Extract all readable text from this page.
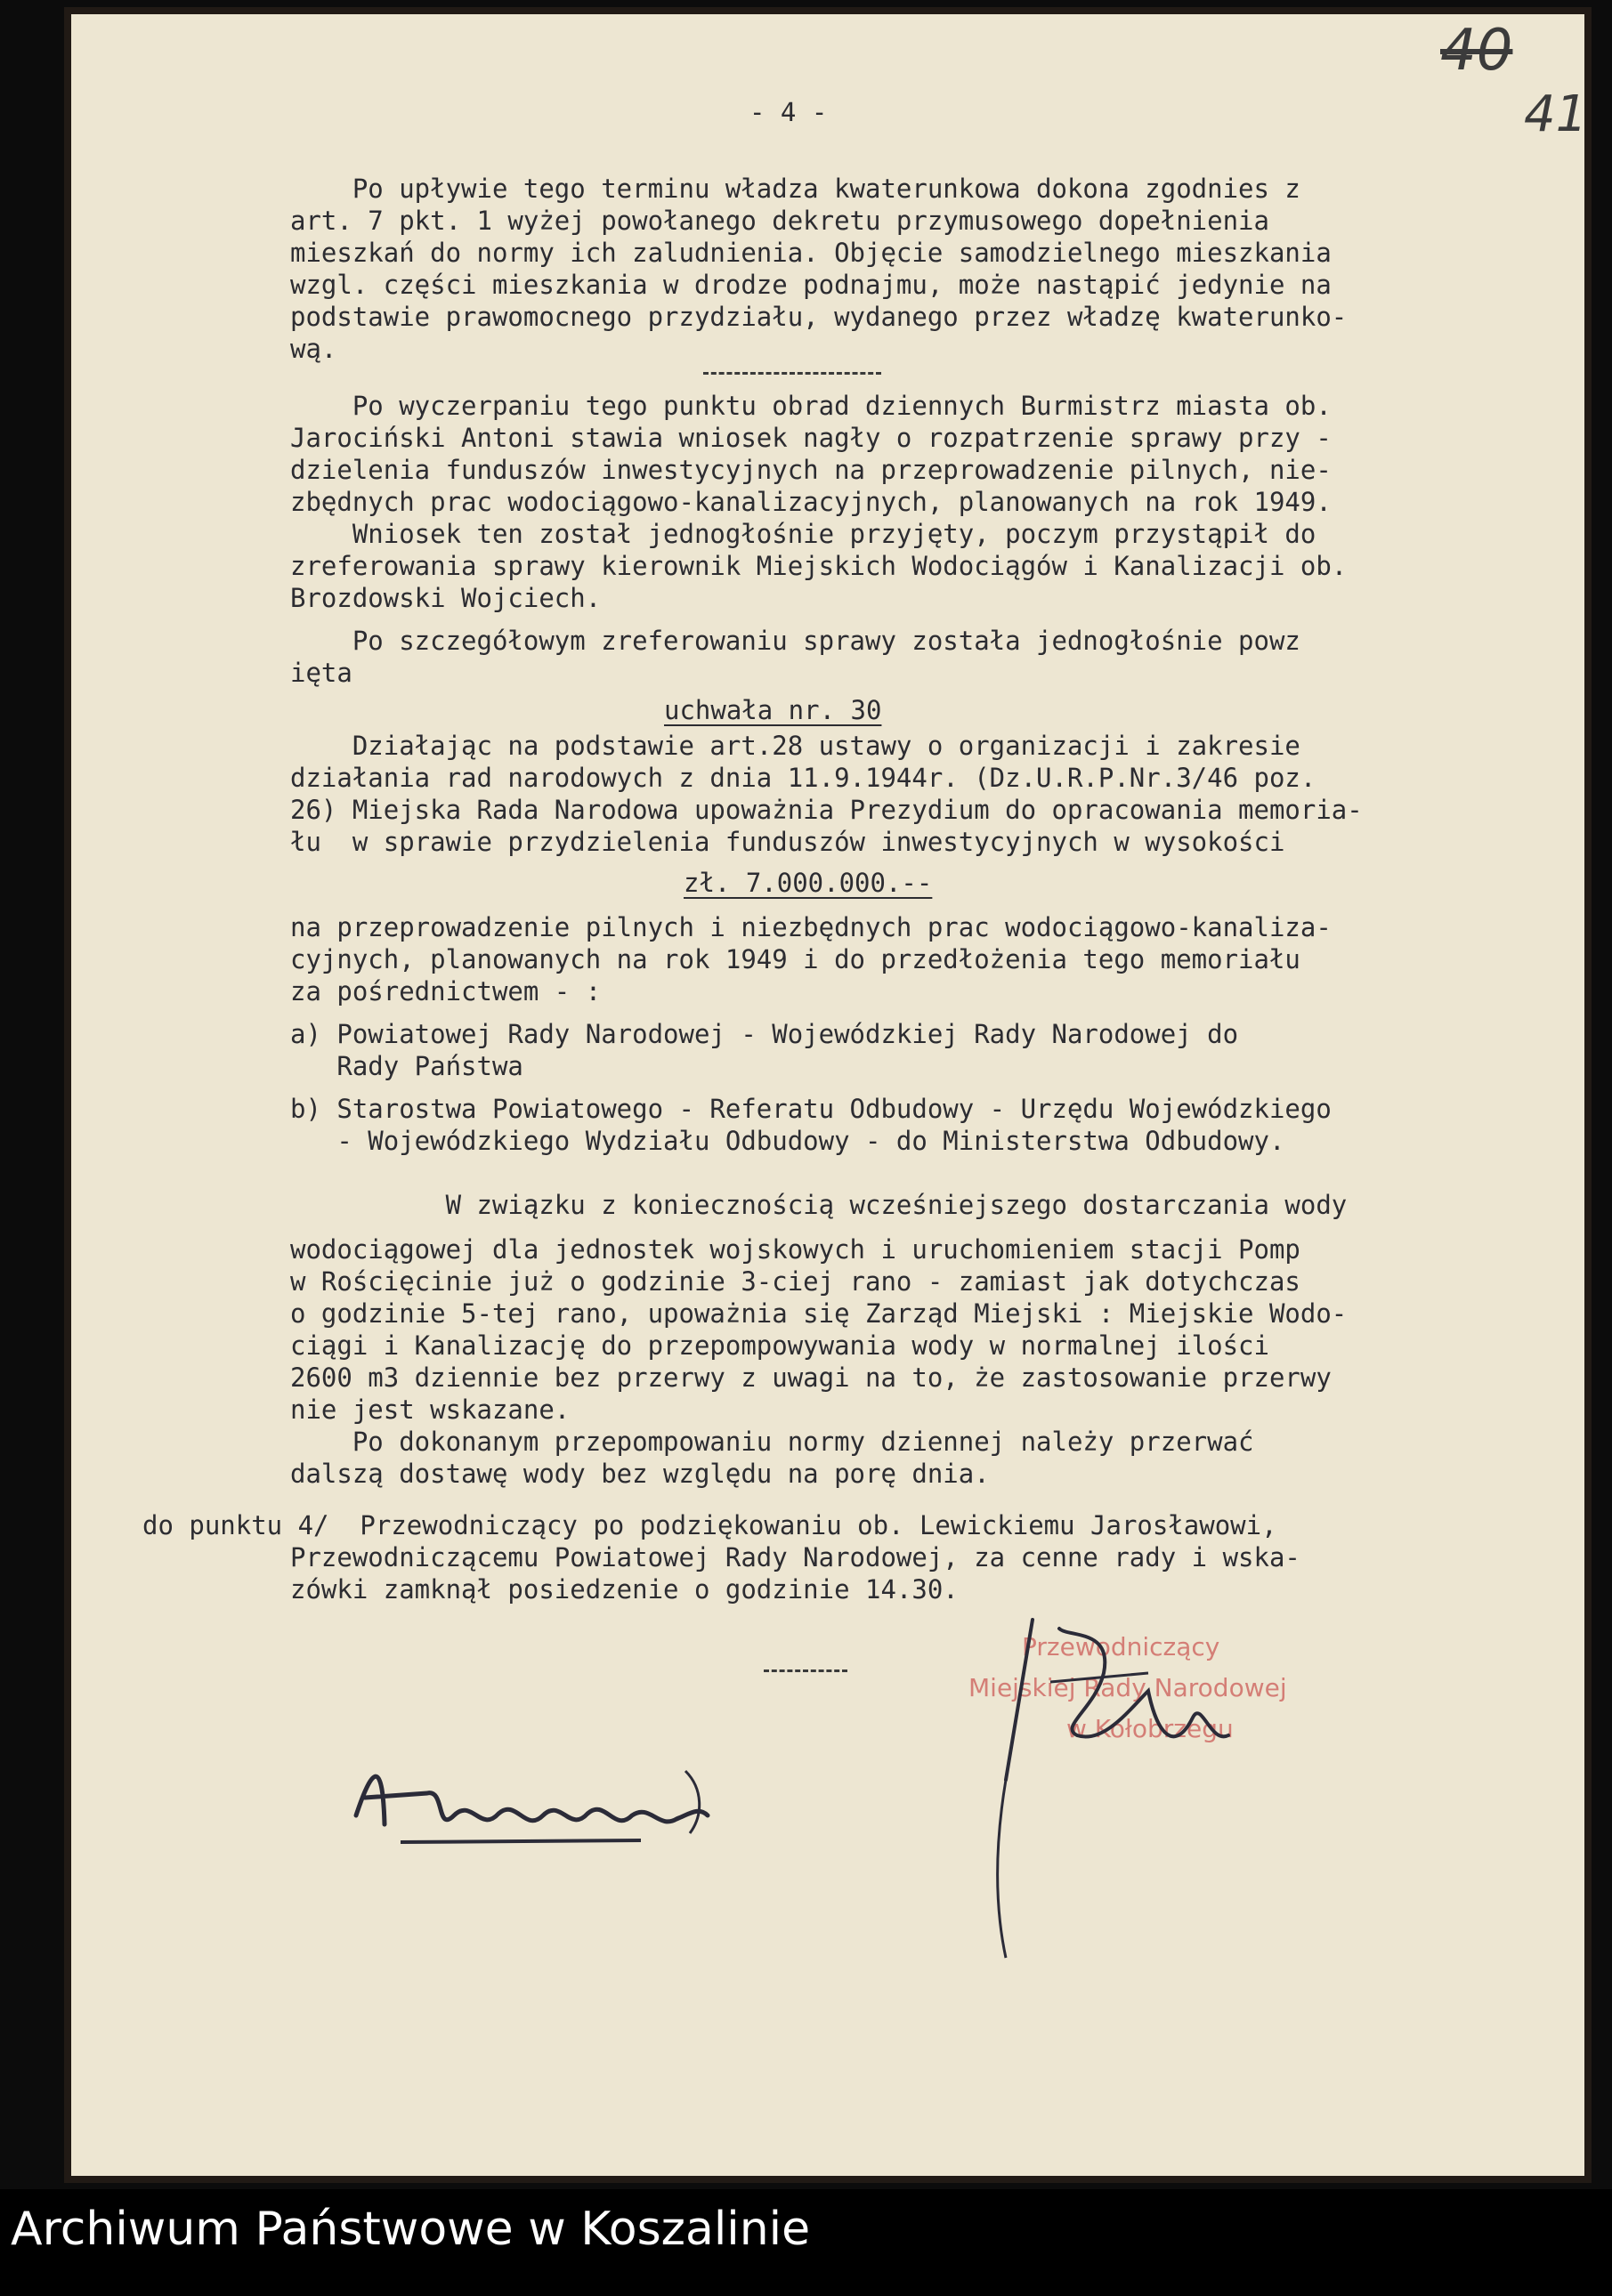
40
41
- 4 -
Po upływie tego terminu władza kwaterunkowa dokona zgodnies z
art. 7 pkt. 1 wyżej powołanego dekretu przymusowego dopełnienia
mieszkań do normy ich zaludnienia. Objęcie samodzielnego mieszkania
wzgl. części mieszkania w drodze podnajmu, może nastąpić jedynie na
podstawie prawomocnego przydziału, wydanego przez władzę kwaterunko-
wą.
Po wyczerpaniu tego punktu obrad dziennych Burmistrz miasta ob.
Jarociński Antoni stawia wniosek nagły o rozpatrzenie sprawy przy -
dzielenia funduszów inwestycyjnych na przeprowadzenie pilnych, nie-
zbędnych prac wodociągowo-kanalizacyjnych, planowanych na rok 1949.
Wniosek ten został jednogłośnie przyjęty, poczym przystąpił do
zreferowania sprawy kierownik Miejskich Wodociągów i Kanalizacji ob.
Brozdowski Wojciech.
Po szczegółowym zreferowaniu sprawy została jednogłośnie powz
ięta
uchwała nr. 30
Działając na podstawie art.28 ustawy o organizacji i zakresie
działania rad narodowych z dnia 11.9.1944r. (Dz.U.R.P.Nr.3/46 poz.
26) Miejska Rada Narodowa upoważnia Prezydium do opracowania memoria-
łu  w sprawie przydzielenia funduszów inwestycyjnych w wysokości
zł. 7.000.000.--
na przeprowadzenie pilnych i niezbędnych prac wodociągowo-kanaliza-
cyjnych, planowanych na rok 1949 i do przedłożenia tego memoriału
za pośrednictwem - :
a) Powiatowej Rady Narodowej - Wojewódzkiej Rady Narodowej do
Rady Państwa
b) Starostwa Powiatowego - Referatu Odbudowy - Urzędu Wojewódzkiego
- Wojewódzkiego Wydziału Odbudowy - do Ministerstwa Odbudowy.
W związku z koniecznością wcześniejszego dostarczania wody
wodociągowej dla jednostek wojskowych i uruchomieniem stacji Pomp
w Rościęcinie już o godzinie 3-ciej rano - zamiast jak dotychczas
o godzinie 5-tej rano, upoważnia się Zarząd Miejski : Miejskie Wodo-
ciągi i Kanalizację do przepompowywania wody w normalnej ilości
2600 m3 dziennie bez przerwy z uwagi na to, że zastosowanie przerwy
nie jest wskazane.
Po dokonanym przepompowaniu normy dziennej należy przerwać
dalszą dostawę wody bez względu na porę dnia.
do punktu 4/  Przewodniczący po podziękowaniu ob. Lewickiemu Jarosławowi,
Przewodniczącemu Powiatowej Rady Narodowej, za cenne rady i wska-
zówki zamknął posiedzenie o godzinie 14.30.
Przewodniczący
Miejskiej Rady Narodowej
w Kołobrzegu
Archiwum Państwowe w Koszalinie
